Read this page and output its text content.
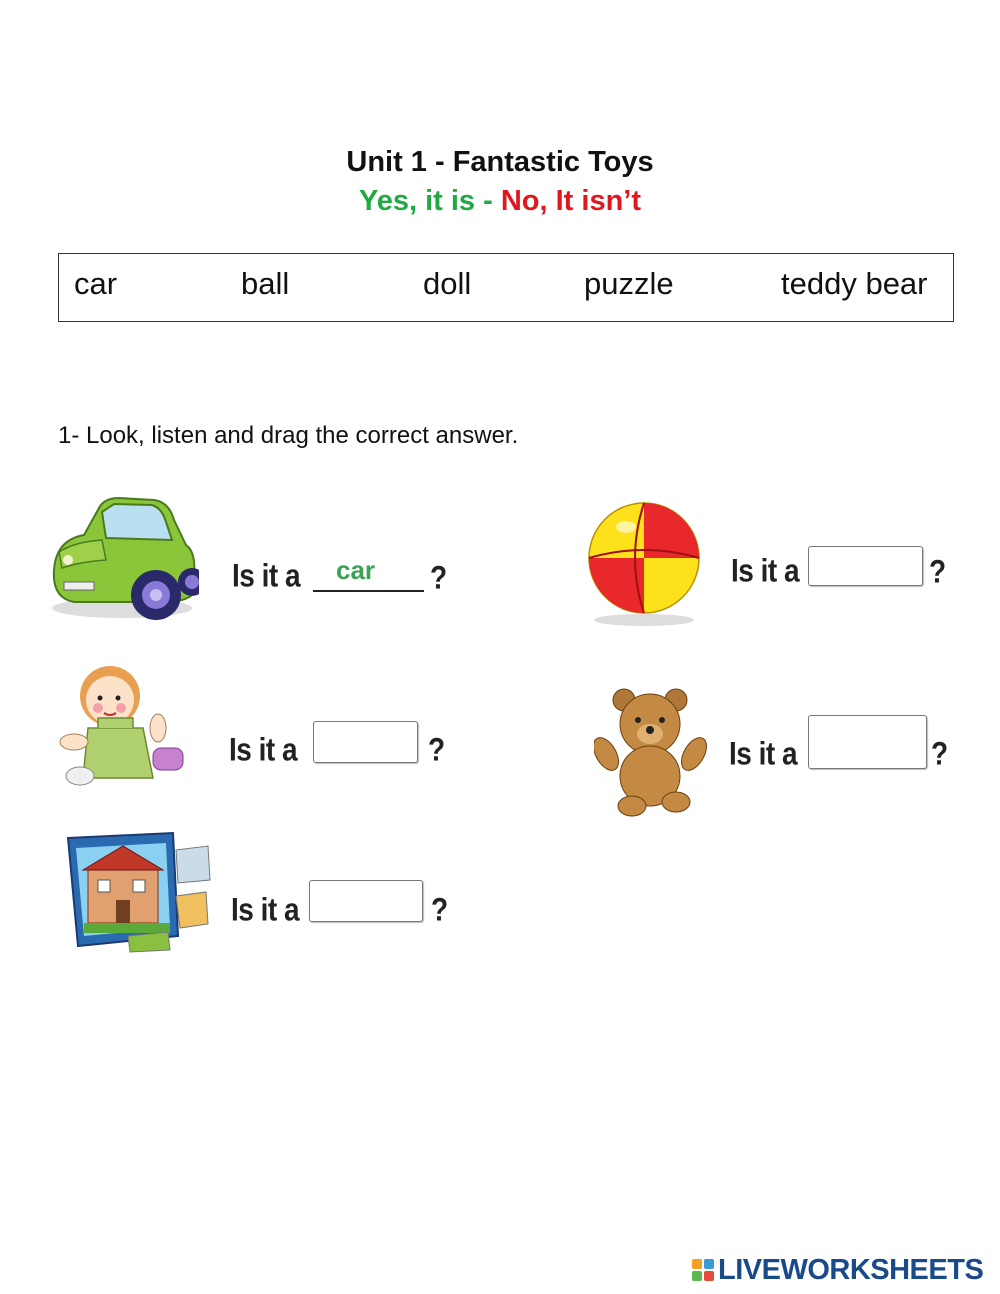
Unit 1 - Fantastic Toys
Yes, it is - No, It isn’t
car	ball	doll	puzzle	teddy bear
1- Look, listen and drag the correct answer.
Is it a car ?	Is it a	?
Is it a	?	Is it a	?
Is it a	?
LIVEWORKSHEETS
